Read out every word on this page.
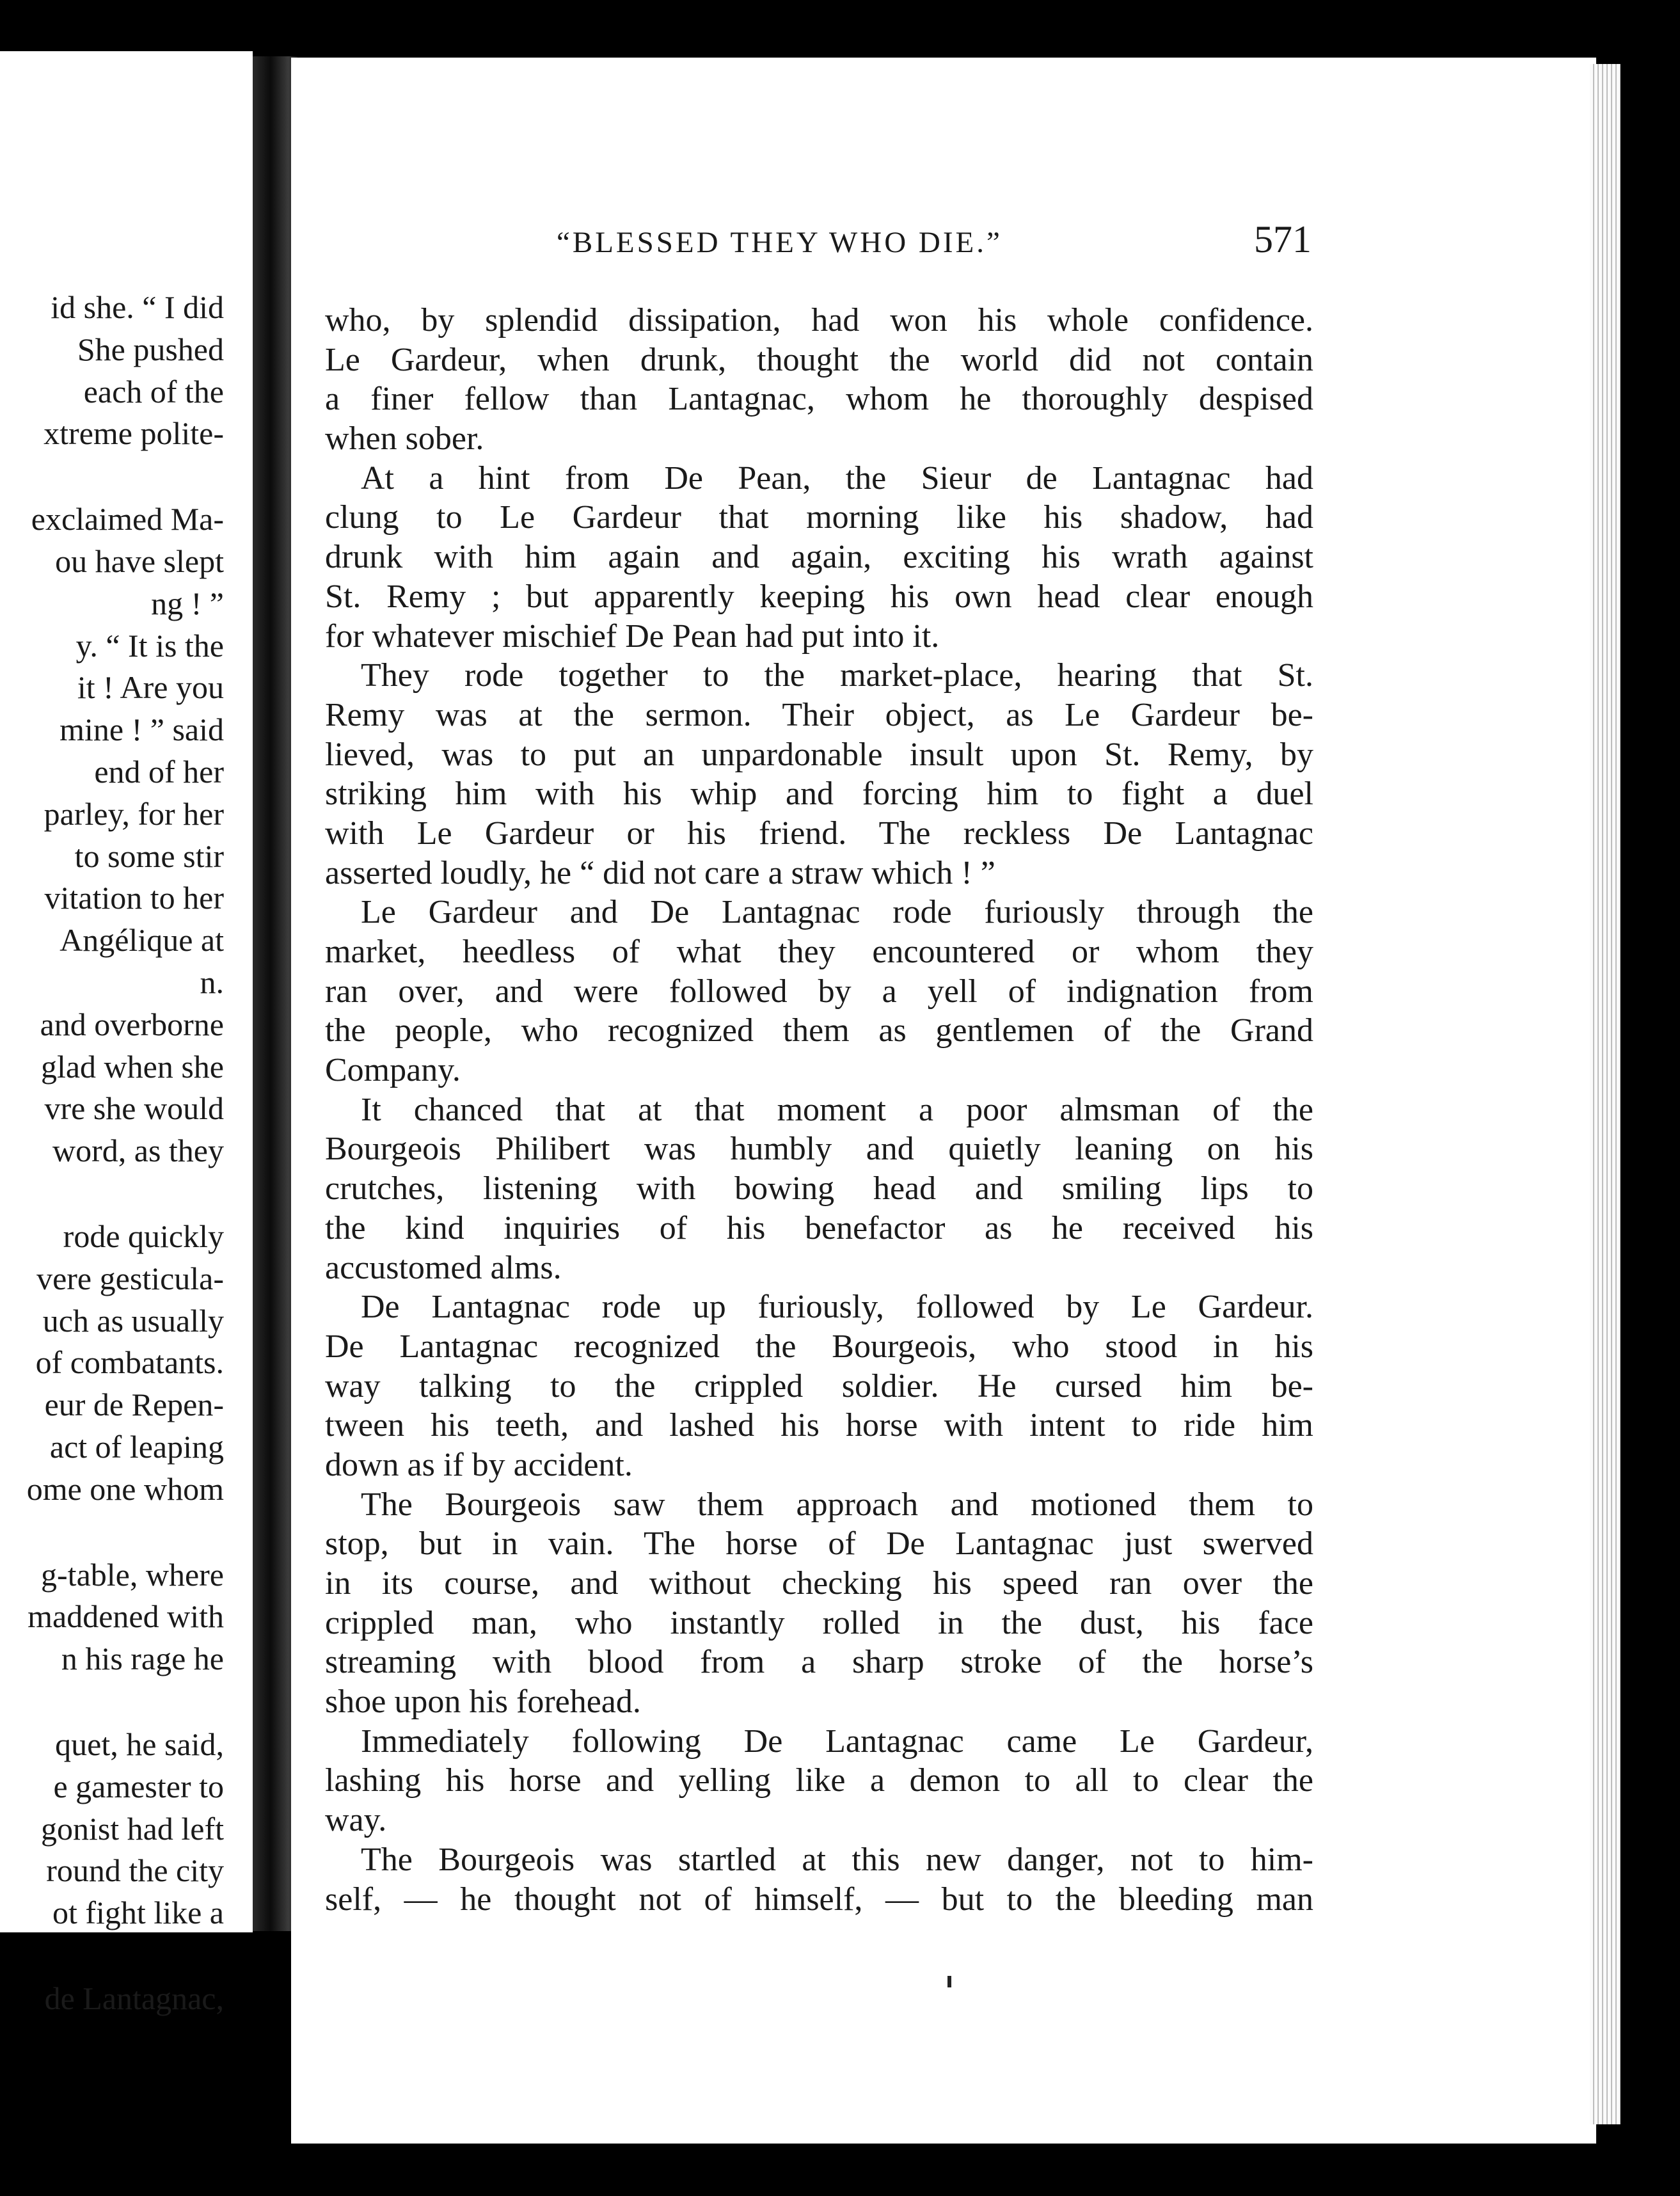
id she. “ I did
She pushed
each of the
xtreme polite-
exclaimed Ma-
ou have slept
ng ! ”
y. “ It is the
it ! Are you
mine ! ” said
end of her
parley, for her
to some stir
vitation to her
Angélique at
n.
and overborne
glad when she
vre she would
word, as they
rode quickly
vere gesticula-
uch as usually
of combatants.
eur de Repen-
act of leaping
ome one whom
g-table, where
maddened with
n his rage he
quet, he said,
e gamester to
gonist had left
round the city
ot fight like a
de Lantagnac,
“BLESSED THEY WHO DIE.”	571
who, by splendid dissipation, had won his whole confidence.
Le Gardeur, when drunk, thought the world did not contain
a finer fellow than Lantagnac, whom he thoroughly despised
when sober.
At a hint from De Pean, the Sieur de Lantagnac had
clung to Le Gardeur that morning like his shadow, had
drunk with him again and again, exciting his wrath against
St. Remy ; but apparently keeping his own head clear enough
for whatever mischief De Pean had put into it.
They rode together to the market-place, hearing that St.
Remy was at the sermon. Their object, as Le Gardeur be-
lieved, was to put an unpardonable insult upon St. Remy, by
striking him with his whip and forcing him to fight a duel
with Le Gardeur or his friend. The reckless De Lantagnac
asserted loudly, he “ did not care a straw which ! ”
Le Gardeur and De Lantagnac rode furiously through the
market, heedless of what they encountered or whom they
ran over, and were followed by a yell of indignation from
the people, who recognized them as gentlemen of the Grand
Company.
It chanced that at that moment a poor almsman of the
Bourgeois Philibert was humbly and quietly leaning on his
crutches, listening with bowing head and smiling lips to
the kind inquiries of his benefactor as he received his
accustomed alms.
De Lantagnac rode up furiously, followed by Le Gardeur.
De Lantagnac recognized the Bourgeois, who stood in his
way talking to the crippled soldier. He cursed him be-
tween his teeth, and lashed his horse with intent to ride him
down as if by accident.
The Bourgeois saw them approach and motioned them to
stop, but in vain. The horse of De Lantagnac just swerved
in its course, and without checking his speed ran over the
crippled man, who instantly rolled in the dust, his face
streaming with blood from a sharp stroke of the horse’s
shoe upon his forehead.
Immediately following De Lantagnac came Le Gardeur,
lashing his horse and yelling like a demon to all to clear the
way.
The Bourgeois was startled at this new danger, not to him-
self, — he thought not of himself, — but to the bleeding man
